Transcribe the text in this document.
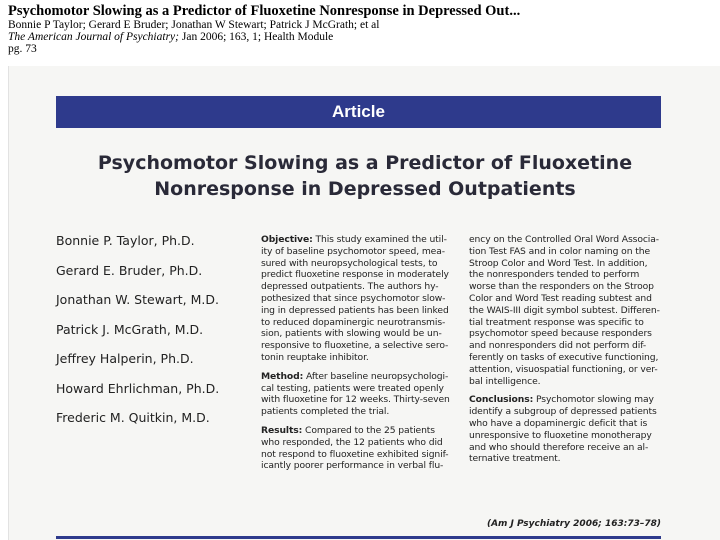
Psychomotor Slowing as a Predictor of Fluoxetine Nonresponse in Depressed Out...
Bonnie P Taylor; Gerard E Bruder; Jonathan W Stewart; Patrick J McGrath; et al
The American Journal of Psychiatry; Jan 2006; 163, 1; Health Module
pg. 73
Article
Psychomotor Slowing as a Predictor of Fluoxetine
Nonresponse in Depressed Outpatients
Bonnie P. Taylor, Ph.D.
Gerard E. Bruder, Ph.D.
Jonathan W. Stewart, M.D.
Patrick J. McGrath, M.D.
Jeffrey Halperin, Ph.D.
Howard Ehrlichman, Ph.D.
Frederic M. Quitkin, M.D.
Objective: This study examined the util-
ity of baseline psychomotor speed, mea-
sured with neuropsychological tests, to
predict fluoxetine response in moderately
depressed outpatients. The authors hy-
pothesized that since psychomotor slow-
ing in depressed patients has been linked
to reduced dopaminergic neurotransmis-
sion, patients with slowing would be un-
responsive to fluoxetine, a selective sero-
tonin reuptake inhibitor.
Method: After baseline neuropsychologi-
cal testing, patients were treated openly
with fluoxetine for 12 weeks. Thirty-seven
patients completed the trial.
Results: Compared to the 25 patients
who responded, the 12 patients who did
not respond to fluoxetine exhibited signif-
icantly poorer performance in verbal flu-
ency on the Controlled Oral Word Associa-
tion Test FAS and in color naming on the
Stroop Color and Word Test. In addition,
the nonresponders tended to perform
worse than the responders on the Stroop
Color and Word Test reading subtest and
the WAIS-III digit symbol subtest. Differen-
tial treatment response was specific to
psychomotor speed because responders
and nonresponders did not perform dif-
ferently on tasks of executive functioning,
attention, visuospatial functioning, or ver-
bal intelligence.
Conclusions: Psychomotor slowing may
identify a subgroup of depressed patients
who have a dopaminergic deficit that is
unresponsive to fluoxetine monotherapy
and who should therefore receive an al-
ternative treatment.
(Am J Psychiatry 2006; 163:73–78)
